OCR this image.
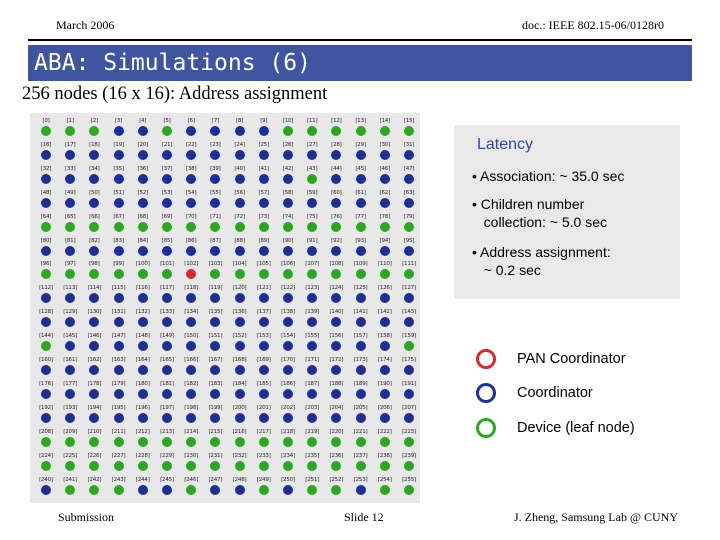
March 2006	doc.: IEEE 802.15-06/0128r0
ABA: Simulations (6)
256 nodes (16 x 16): Address assignment
[0]	[1]	[2]	[3]	[4]	[5]	[6]	[7]	[8]	[9]	[10]	[11]	[12]	[13]	[14]	[15]
[16]	[17]	[18]	[19]	[20]	[21]	[22]	[23]	[24]	[25]	[26]	[27]	[28]	[29]	[30]	[31]
[32]	[33]	[34]	[35]	[36]	[37]	[38]	[39]	[40]	[41]	[42]	[43]	[44]	[45]	[46]	[47]
[48]	[49]	[50]	[51]	[52]	[53]	[54]	[55]	[56]	[57]	[58]	[59]	[60]	[61]	[62]	[63]
[64]	[65]	[66]	[67]	[68]	[69]	[70]	[71]	[72]	[73]	[74]	[75]	[76]	[77]	[78]	[79]
[80]	[81]	[82]	[83]	[84]	[85]	[86]	[87]	[88]	[89]	[90]	[91]	[92]	[93]	[94]	[95]
[96]	[97]	[98]	[99]	[100]	[101]	[102]	[103]	[104]	[105]	[106]	[107]	[108]	[109]	[110]	[111]
[112]	[113]	[114]	[115]	[116]	[117]	[118]	[119]	[120]	[121]	[122]	[123]	[124]	[125]	[126]	[127]
[128]	[129]	[130]	[131]	[132]	[133]	[134]	[135]	[136]	[137]	[138]	[139]	[140]	[141]	[142]	[143]
[144]	[145]	[146]	[147]	[148]	[149]	[150]	[151]	[152]	[153]	[154]	[155]	[156]	[157]	[158]	[159]
[160]	[161]	[162]	[163]	[164]	[165]	[166]	[167]	[168]	[169]	[170]	[171]	[172]	[173]	[174]	[175]
[176]	[177]	[178]	[179]	[180]	[181]	[182]	[183]	[184]	[185]	[186]	[187]	[188]	[189]	[190]	[191]
[192]	[193]	[194]	[195]	[196]	[197]	[198]	[199]	[200]	[201]	[202]	[203]	[204]	[205]	[206]	[207]
[208]	[209]	[210]	[211]	[212]	[213]	[214]	[215]	[216]	[217]	[218]	[219]	[220]	[221]	[222]	[223]
[224]	[225]	[226]	[227]	[228]	[229]	[230]	[231]	[232]	[233]	[234]	[235]	[236]	[237]	[238]	[239]
[240]	[241]	[242]	[243]	[244]	[245]	[246]	[247]	[248]	[249]	[250]	[251]	[252]	[253]	[254]	[255]
Latency
• Association: ~ 35.0 sec
• Children number
collection: ~ 5.0 sec
• Address assignment:
~ 0.2 sec
PAN Coordinator
Coordinator
Device (leaf node)
Submission	Slide 12	J. Zheng, Samsung Lab @ CUNY
